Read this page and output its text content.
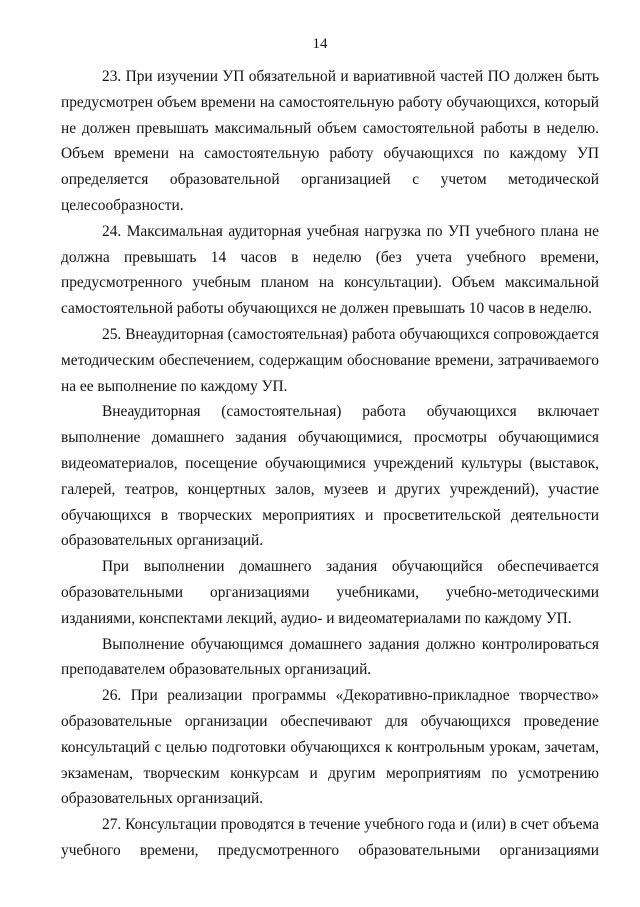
14

23. При изучении УП обязательной и вариативной частей ПО должен быть предусмотрен объем времени на самостоятельную работу обучающихся, который не должен превышать максимальный объем самостоятельной работы в неделю. Объем времени на самостоятельную работу обучающихся по каждому УП определяется образовательной организацией с учетом методической целесообразности.

24. Максимальная аудиторная учебная нагрузка по УП учебного плана не должна превышать 14 часов в неделю (без учета учебного времени, предусмотренного учебным планом на консультации). Объем максимальной самостоятельной работы обучающихся не должен превышать 10 часов в неделю.

25. Внеаудиторная (самостоятельная) работа обучающихся сопровождается методическим обеспечением, содержащим обоснование времени, затрачиваемого на ее выполнение по каждому УП.

Внеаудиторная (самостоятельная) работа обучающихся включает выполнение домашнего задания обучающимися, просмотры обучающимися видеоматериалов, посещение обучающимися учреждений культуры (выставок, галерей, театров, концертных залов, музеев и других учреждений), участие обучающихся в творческих мероприятиях и просветительской деятельности образовательных организаций.

При выполнении домашнего задания обучающийся обеспечивается образовательными организациями учебниками, учебно-методическими изданиями, конспектами лекций, аудио- и видеоматериалами по каждому УП.

Выполнение обучающимся домашнего задания должно контролироваться преподавателем образовательных организаций.

26. При реализации программы «Декоративно-прикладное творчество» образовательные организации обеспечивают для обучающихся проведение консультаций с целью подготовки обучающихся к контрольным урокам, зачетам, экзаменам, творческим конкурсам и другим мероприятиям по усмотрению образовательных организаций.

27. Консультации проводятся в течение учебного года и (или) в счет объема учебного времени, предусмотренного образовательными организациями
